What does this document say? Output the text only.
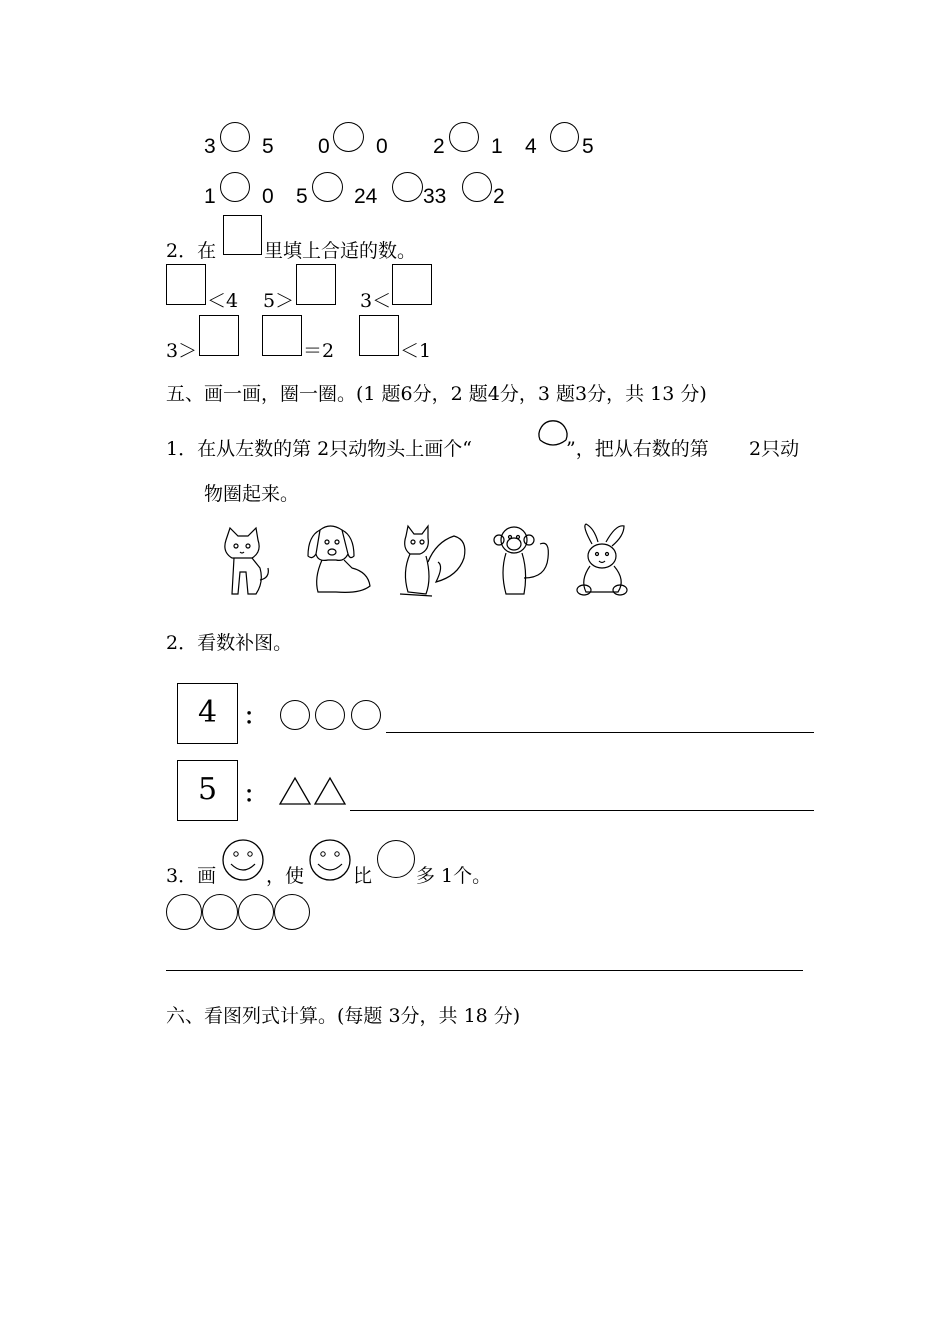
3 5 0 0 2 1 4 5
1 0 5 24 33 2
2．在	里填上合适的数。
＜4 5＞	3＜
3＞	＝2	＜1
五、画一画，圈一圈。(1 题6分，2 题4分，3 题3分，共 13 分)
1．在从左数的第 2只动物头上画个“	”，把从右数的第 2只动
物圈起来。
2．看数补图。
4	：
5	：
3．画	，使	比 多 1个。
六、看图列式计算。(每题 3分，共 18 分)
